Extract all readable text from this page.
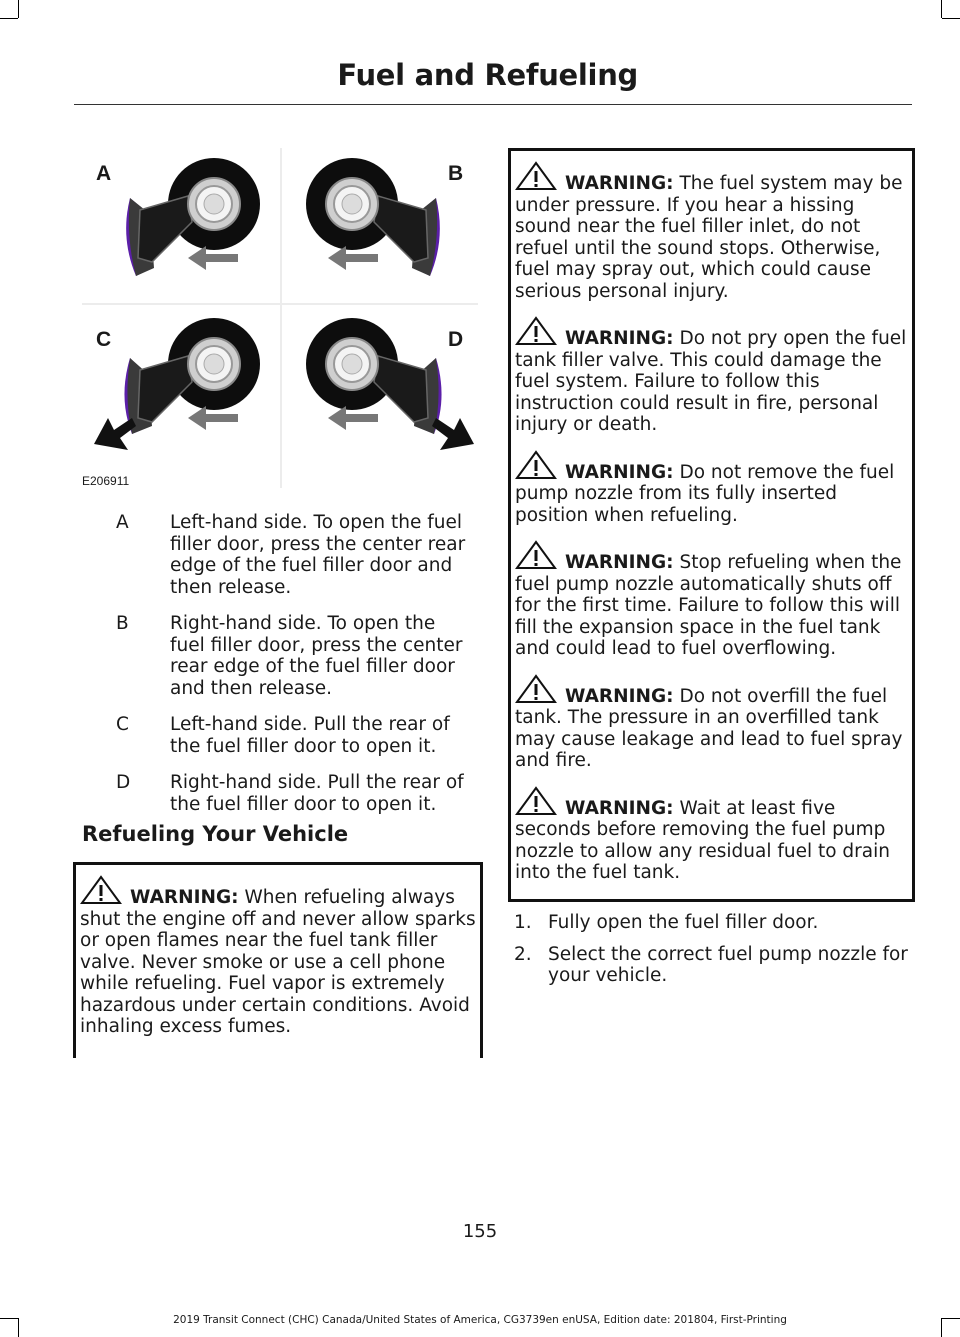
Fuel and Refueling
A	B
C	D
E206911
A	Left-hand side. To open the fuel filler door, press the center rear edge of the fuel filler door and then release.
B	Right-hand side. To open the fuel filler door, press the center rear edge of the fuel filler door and then release.
C	Left-hand side. Pull the rear of the fuel filler door to open it.
D	Right-hand side. Pull the rear of the fuel filler door to open it.
Refueling Your Vehicle
WARNING: When refueling always shut the engine off and never allow sparks or open flames near the fuel tank filler valve. Never smoke or use a cell phone while refueling. Fuel vapor is extremely hazardous under certain conditions. Avoid inhaling excess fumes.
WARNING: The fuel system may be under pressure. If you hear a hissing sound near the fuel filler inlet, do not refuel until the sound stops. Otherwise, fuel may spray out, which could cause serious personal injury.
WARNING: Do not pry open the fuel tank filler valve. This could damage the fuel system. Failure to follow this instruction could result in fire, personal injury or death.
WARNING: Do not remove the fuel pump nozzle from its fully inserted position when refueling.
WARNING: Stop refueling when the fuel pump nozzle automatically shuts off for the first time. Failure to follow this will fill the expansion space in the fuel tank and could lead to fuel overflowing.
WARNING: Do not overfill the fuel tank. The pressure in an overfilled tank may cause leakage and lead to fuel spray and fire.
WARNING: Wait at least five seconds before removing the fuel pump nozzle to allow any residual fuel to drain into the fuel tank.
1. Fully open the fuel filler door.
2. Select the correct fuel pump nozzle for your vehicle.
155
2019 Transit Connect (CHC) Canada/United States of America, CG3739en enUSA, Edition date: 201804, First-Printing
